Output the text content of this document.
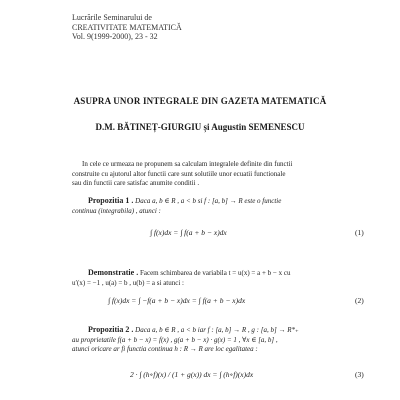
Lucrările Seminarului de
CREATIVITATE MATEMATICĂ
Vol. 9(1999-2000), 23 - 32
ASUPRA UNOR INTEGRALE DIN GAZETA MATEMATICĂ
D.M. BĂTINEȚ-GIURGIU și Augustin SEMENESCU
In cele ce urmeaza ne propunem sa calculam integralele definite din functii
construite cu ajutorul altor functii care sunt solutiile unor ecuatii functionale
sau din functii care satisfac anumite conditii .
Propozitia 1 . Daca a, b ∈ R , a < b si f : [a, b] → R este o functie
continua (integrabila) , atunci :
∫ f(x)dx = ∫ f(a + b − x)dx	(1)
Demonstratie . Facem schimbarea de variabila t = u(x) = a + b − x cu
u′(x) = −1 , u(a) = b , u(b) = a si atunci :
∫ f(x)dx = ∫ −f(a + b − x)dx = ∫ f(a + b − x)dx	(2)
Propozitia 2 . Daca a, b ∈ R , a < b iar f : [a, b] → R , g : [a, b] → R*₊
au proprietatile f(a + b − x) = f(x) , g(a + b − x) · g(x) = 1 , ∀x ∈ [a, b] ,
atunci oricare ar fi functia continua h : R → R are loc egalitatea :
2 · ∫ (h∘f)(x) / (1 + g(x)) dx = ∫ (h∘f)(x)dx	(3)
